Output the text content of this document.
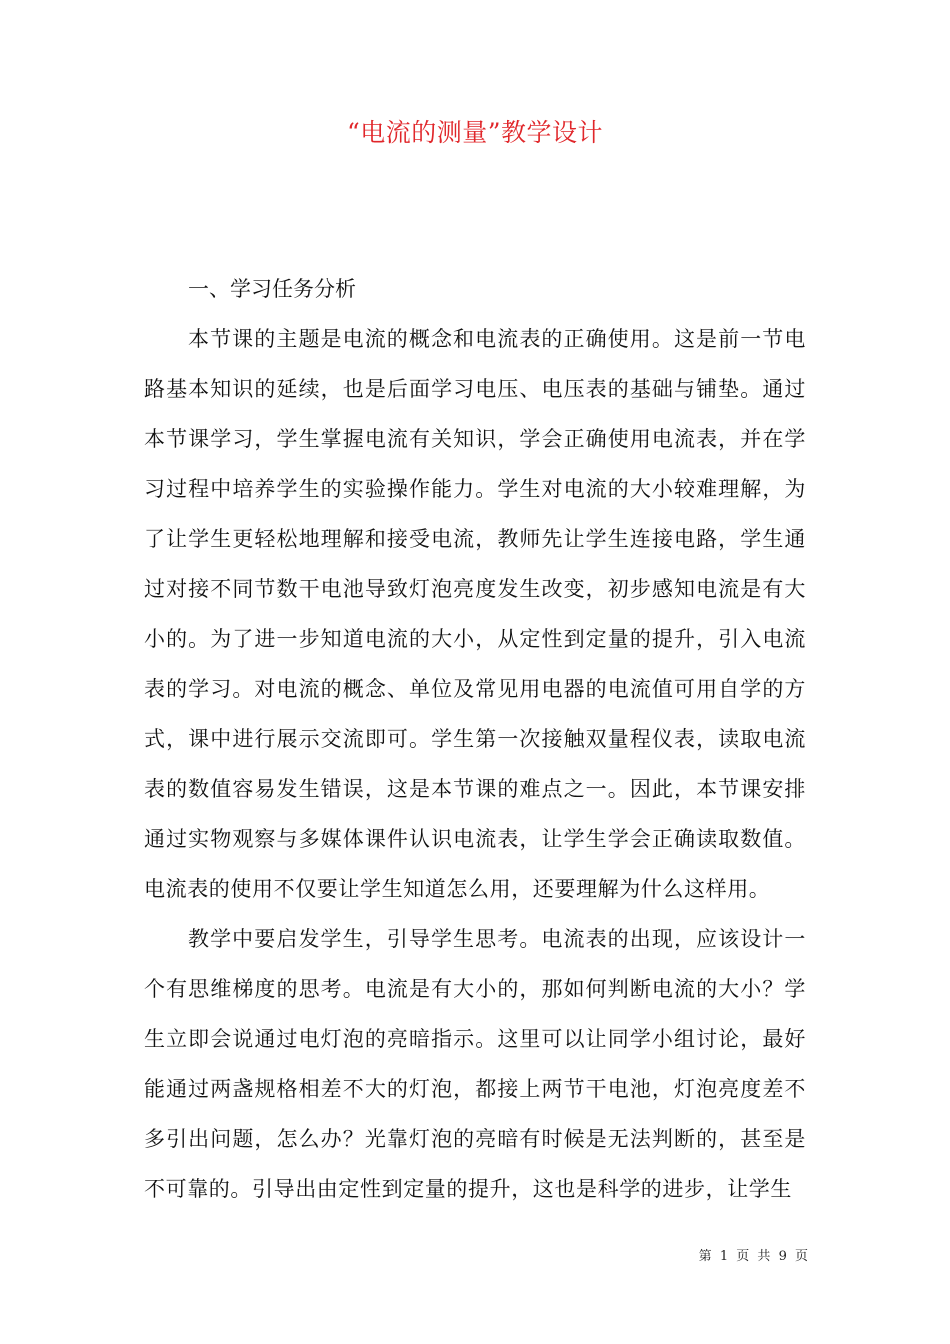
“电流的测量”教学设计
一、学习任务分析

本节课的主题是电流的概念和电流表的正确使用。这是前一节电路基本知识的延续，也是后面学习电压、电压表的基础与铺垫。通过本节课学习，学生掌握电流有关知识，学会正确使用电流表，并在学习过程中培养学生的实验操作能力。学生对电流的大小较难理解，为了让学生更轻松地理解和接受电流，教师先让学生连接电路，学生通过对接不同节数干电池导致灯泡亮度发生改变，初步感知电流是有大小的。为了进一步知道电流的大小，从定性到定量的提升，引入电流表的学习。对电流的概念、单位及常见用电器的电流值可用自学的方式，课中进行展示交流即可。学生第一次接触双量程仪表，读取电流表的数值容易发生错误，这是本节课的难点之一。因此，本节课安排通过实物观察与多媒体课件认识电流表，让学生学会正确读取数值。电流表的使用不仅要让学生知道怎么用，还要理解为什么这样用。

教学中要启发学生，引导学生思考。电流表的出现，应该设计一个有思维梯度的思考。电流是有大小的，那如何判断电流的大小？学生立即会说通过电灯泡的亮暗指示。这里可以让同学小组讨论，最好能通过两盏规格相差不大的灯泡，都接上两节干电池，灯泡亮度差不多引出问题，怎么办？光靠灯泡的亮暗有时候是无法判断的，甚至是不可靠的。引导出由定性到定量的提升，这也是科学的进步，让学生

第 1 页 共 9 页
